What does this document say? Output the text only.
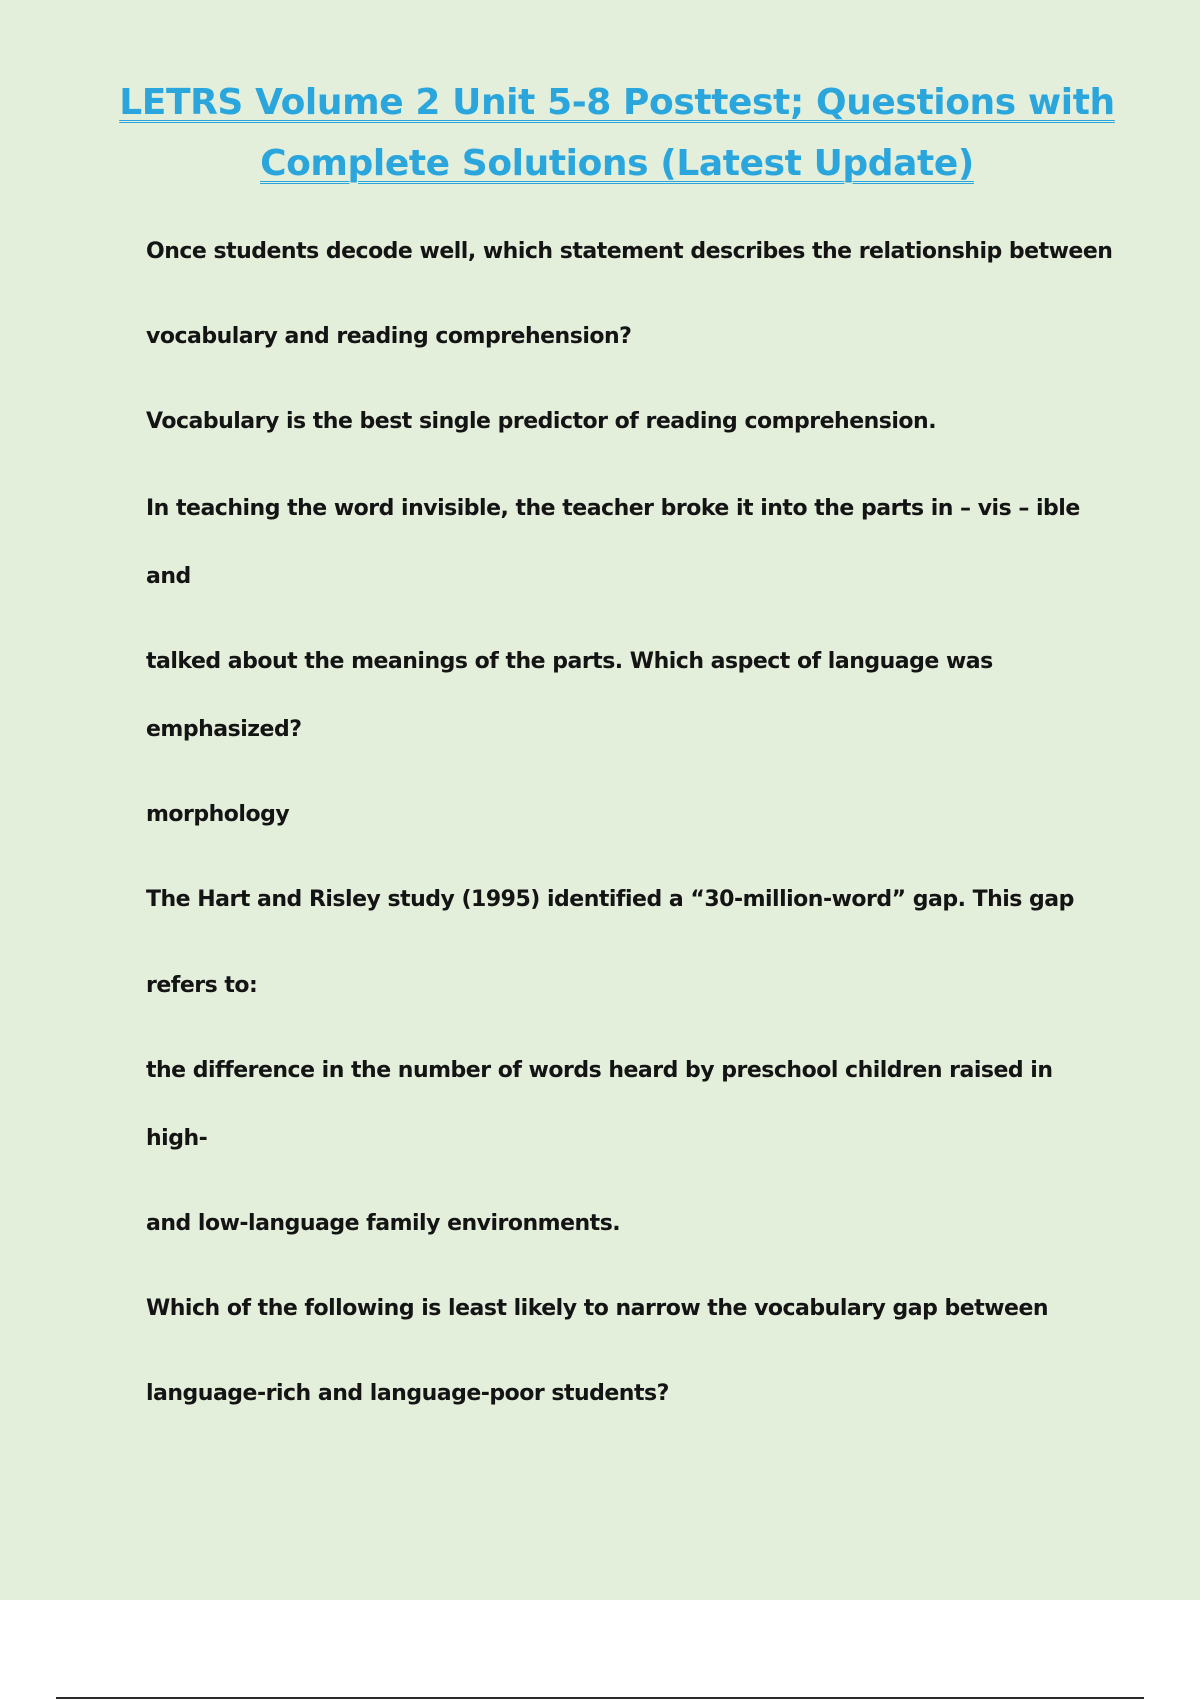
LETRS Volume 2 Unit 5-8 Posttest; Questions with Complete Solutions (Latest Update)

Once students decode well, which statement describes the relationship between

vocabulary and reading comprehension?

Vocabulary is the best single predictor of reading comprehension.

In teaching the word invisible, the teacher broke it into the parts in – vis – ible

and

talked about the meanings of the parts. Which aspect of language was

emphasized?

morphology

The Hart and Risley study (1995) identified a “30-million-word” gap. This gap

refers to:

the difference in the number of words heard by preschool children raised in

high-

and low-language family environments.

Which of the following is least likely to narrow the vocabulary gap between

language-rich and language-poor students?
